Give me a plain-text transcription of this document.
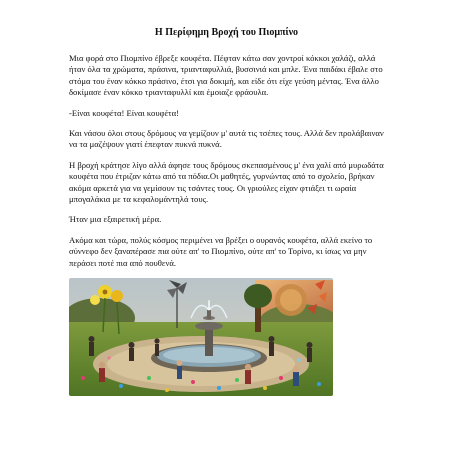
Η Περίφημη Βροχή του Πιομπίνο

Μια φορά στο Πιομπίνο έβρεξε κουφέτα. Πέφταν κάτω σαν χοντροί κόκκοι χαλάζι, αλλά ήταν όλα τα χρώματα, πράσινα, τριανταφυλλιά, βυσσινιά και μπλε. Ένα παιδάκι έβαλε στο στόμα του έναν κόκκο πράσινο, έτσι για δοκιμή, και είδε ότι είχε γεύση μέντας. Ένα άλλο δοκίμασε έναν κόκκο τριανταφυλλί και έμοιαζε φράουλα.

-Είναι κουφέτα! Είναι κουφέτα!

Και νάσου όλοι στους δρόμους να γεμίζουν μ' αυτά τις τσέπες τους. Αλλά δεν προλάβαιναν να τα μαζέψουν γιατί έπεφταν πυκνά πυκνά.

Η βροχή κράτησε λίγο αλλά άφησε τους δρόμους σκεπασμένους μ' ένα χαλί από μυρωδάτα κουφέτα που έτριζαν κάτω από τα πόδια.Οι μαθητές, γυρνώντας από το σχολείο, βρήκαν ακόμα αρκετά για να γεμίσουν τις τσάντες τους. Οι γριούλες είχαν φτιάξει τι ωραία μπογαλάκια με τα κεφαλομάντηλά τους.

Ήταν μια εξαιρετική μέρα.

Ακόμα και τώρα, πολύς κόσμος περιμένει να βρέξει ο ουρανός κουφέτα, αλλά εκείνο το σύννεφο δεν ξαναπέρασε πια ούτε απ' το Πιομπίνο, ούτε απ' το Τορίνο, κι ίσως να μην περάσει ποτέ πια από πουθενά.
